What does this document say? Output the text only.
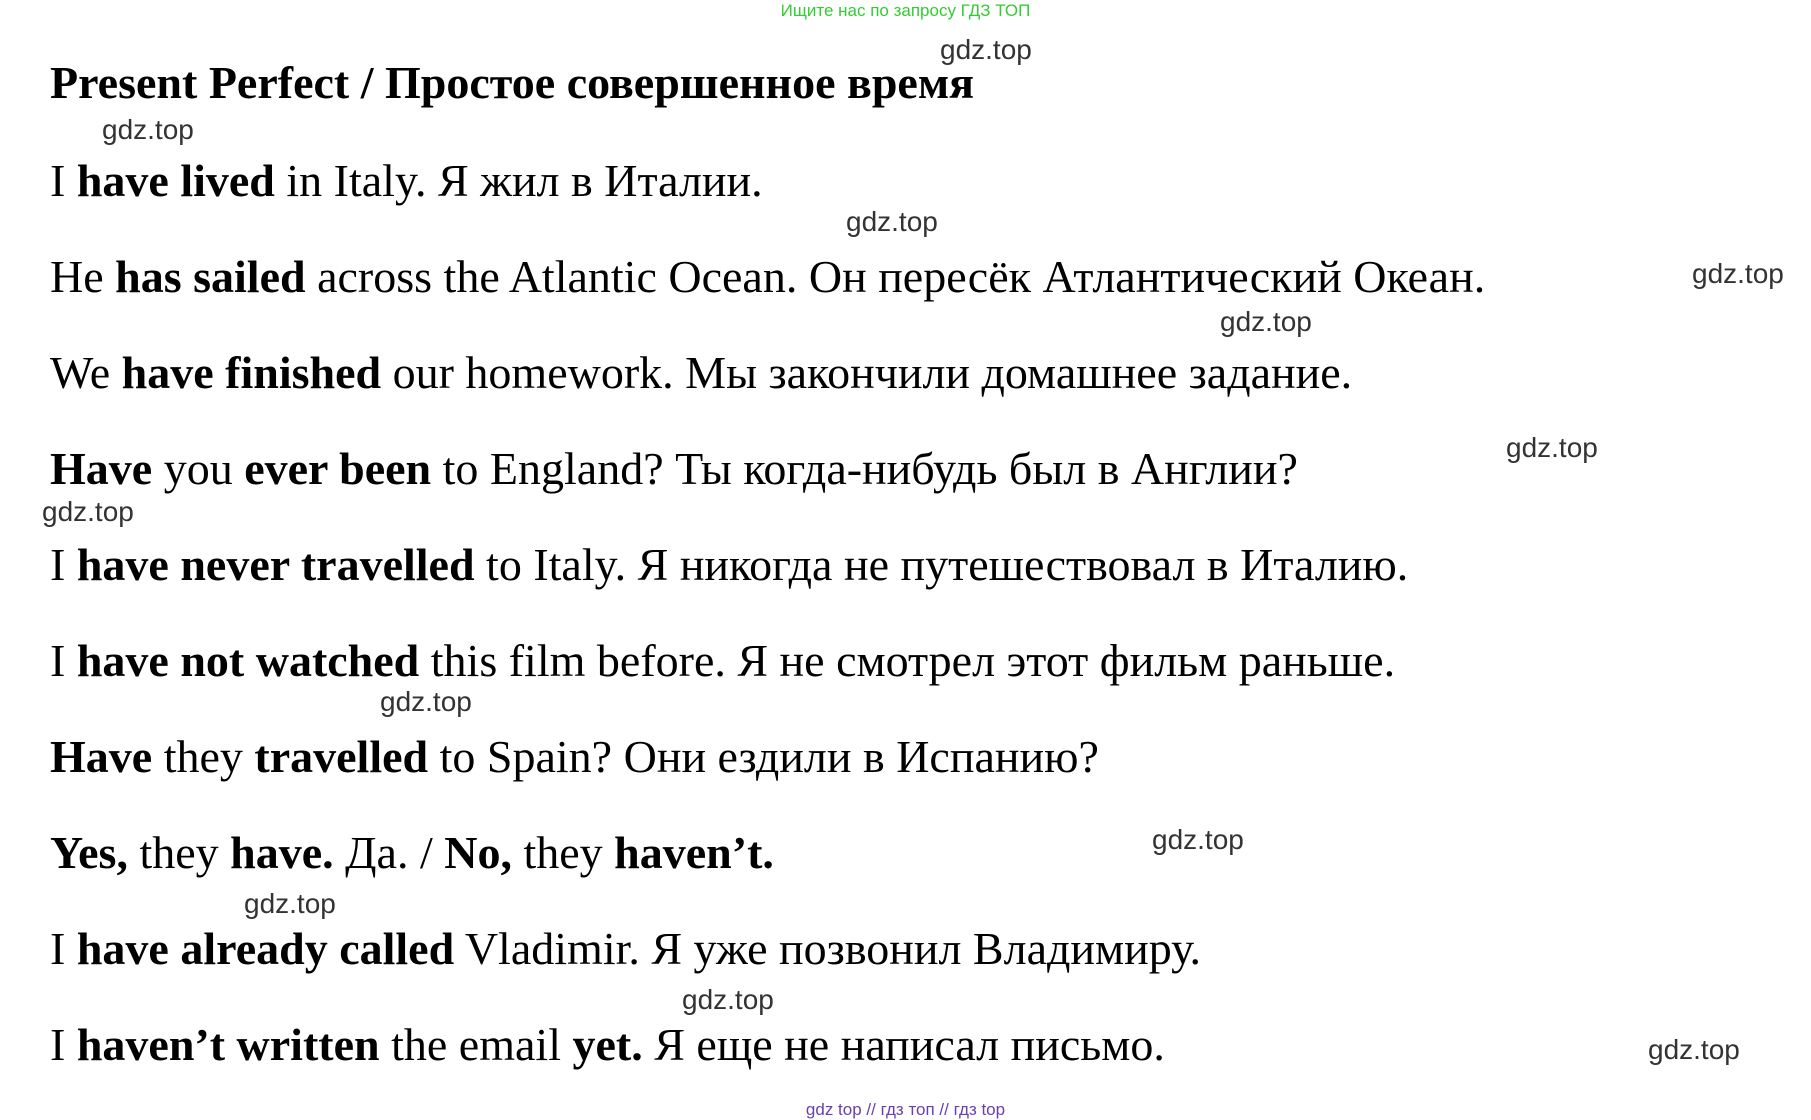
Ищите нас по запросу ГДЗ ТОП
Present Perfect / Простое совершенное время

I have lived in Italy. Я жил в Италии.

He has sailed across the Atlantic Ocean. Он пересёк Атлантический Океан.

We have finished our homework. Мы закончили домашнее задание.

Have you ever been to England? Ты когда-нибудь был в Англии?

I have never travelled to Italy. Я никогда не путешествовал в Италию.

I have not watched this film before. Я не смотрел этот фильм раньше.

Have they travelled to Spain? Они ездили в Испанию?

Yes, they have. Да. / No, they haven’t.

I have already called Vladimir. Я уже позвонил Владимиру.

I haven’t written the email yet. Я еще не написал письмо.

gdz.top
gdz.top
gdz.top
gdz.top
gdz.top
gdz.top
gdz.top
gdz.top
gdz.top
gdz.top
gdz.top
gdz.top
gdz top // гдз топ // гдз top
